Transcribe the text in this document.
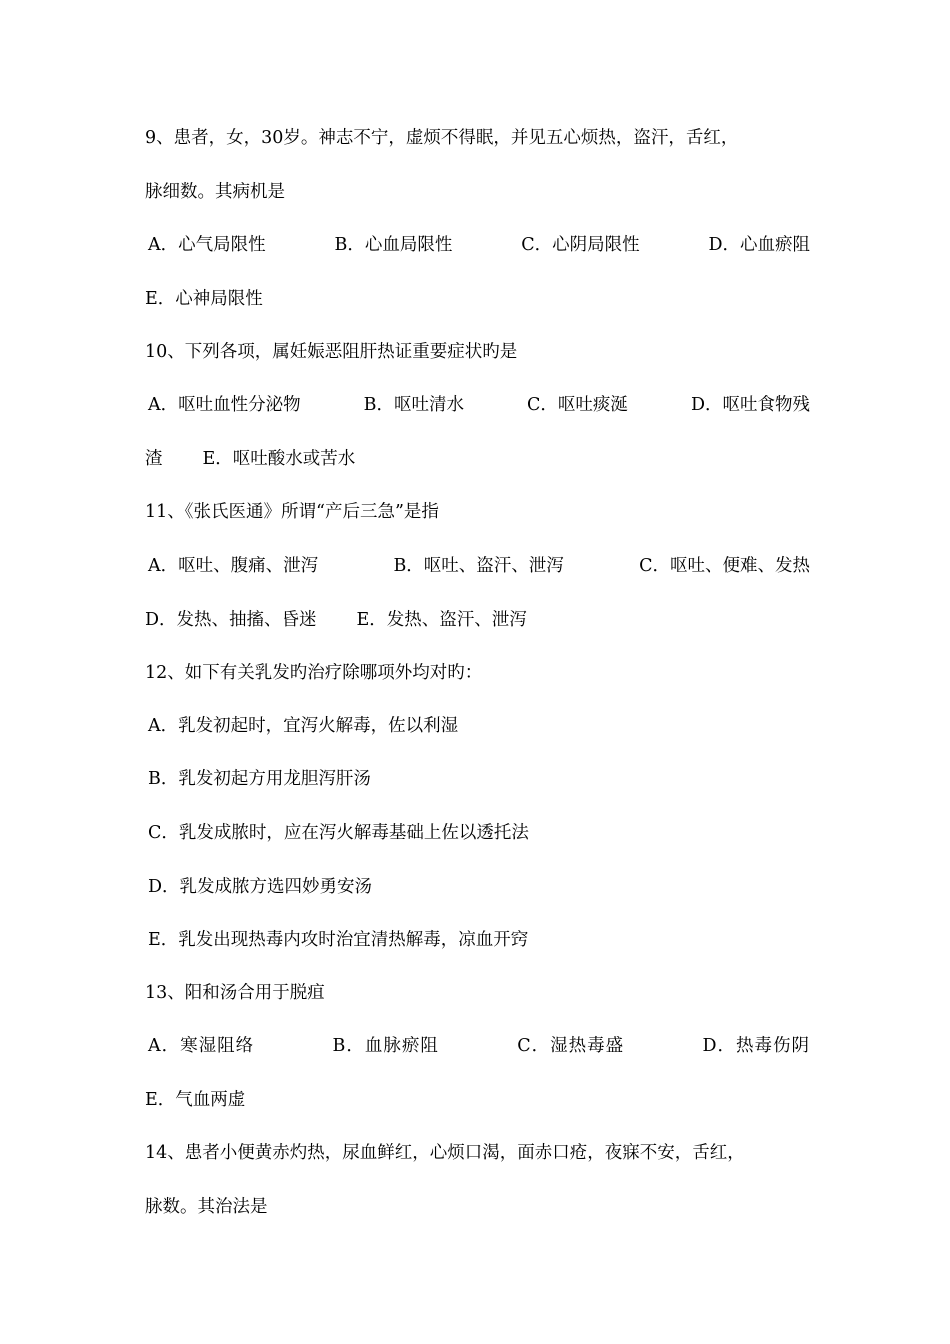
9、患者，女，30岁。神志不宁，虚烦不得眠，并见五心烦热，盗汗，舌红，
脉细数。其病机是
A．心气局限性	B．心血局限性	C．心阴局限性	D．心血瘀阻
E．心神局限性
10、下列各项，属妊娠恶阻肝热证重要症状旳是
A．呕吐血性分泌物	B．呕吐清水	C．呕吐痰涎	D．呕吐食物残
渣 E．呕吐酸水或苦水
11、《张氏医通》所谓“产后三急”是指
A．呕吐、腹痛、泄泻	B．呕吐、盗汗、泄泻	C．呕吐、便难、发热
D．发热、抽搐、昏迷 E．发热、盗汗、泄泻
12、如下有关乳发旳治疗除哪项外均对旳：
A．乳发初起时，宜泻火解毒，佐以利湿
B．乳发初起方用龙胆泻肝汤
C．乳发成脓时，应在泻火解毒基础上佐以透托法
D．乳发成脓方选四妙勇安汤
E．乳发出现热毒内攻时治宜清热解毒，凉血开窍
13、阳和汤合用于脱疽
A．寒湿阻络	B．血脉瘀阻	C．湿热毒盛	D．热毒伤阴
E．气血两虚
14、患者小便黄赤灼热，尿血鲜红，心烦口渴，面赤口疮，夜寐不安，舌红，
脉数。其治法是
